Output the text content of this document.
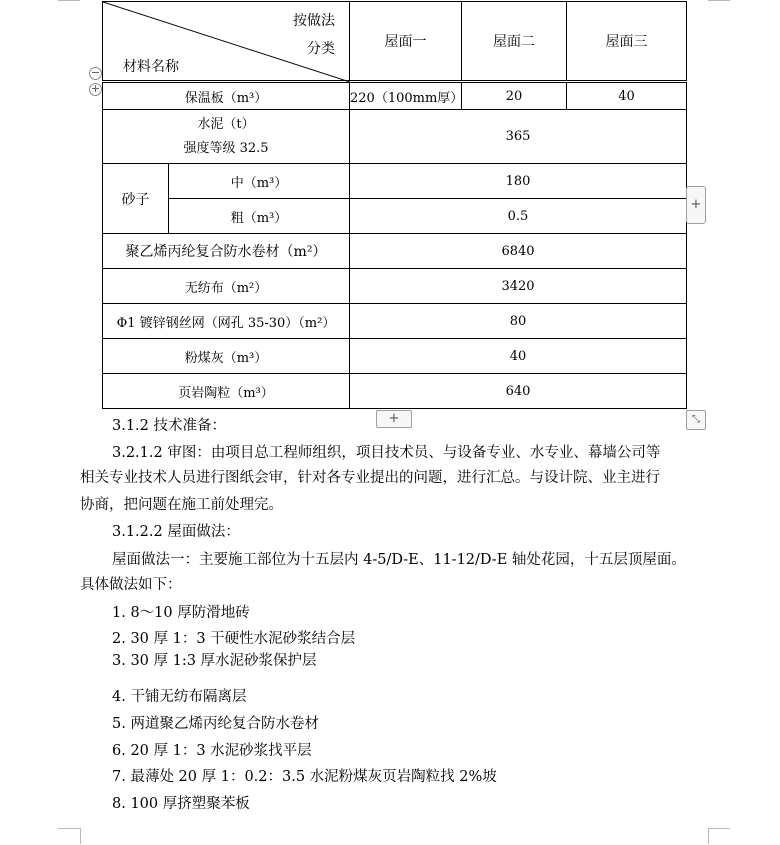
按做法
分类
材料名称		屋面一	屋面二	屋面三
保温板（m³）		220（100mm厚）	20	40

水泥（t）
强度等级 32.5		365		
砂子	中（m³）	180		
	粗（m³）	0.5		
聚乙烯丙纶复合防水卷材（m²）		6840		
无纺布（m²）		3420		
Φ1 镀锌钢丝网（网孔 35-30）（m²）		80		
粉煤灰（m³）		40		
页岩陶粒（m³）		640		
−
+
+
+	⤡
3.1.2 技术准备：
3.2.1.2 审图：由项目总工程师组织，项目技术员、与设备专业、水专业、幕墙公司等
相关专业技术人员进行图纸会审，针对各专业提出的问题，进行汇总。与设计院、业主进行
协商，把问题在施工前处理完。
3.1.2.2 屋面做法：
屋面做法一：主要施工部位为十五层内 4-5/D-E、11-12/D-E 轴处花园，十五层顶屋面。
具体做法如下：
1. 8～10 厚防滑地砖
2. 30 厚 1：3 干硬性水泥砂浆结合层
3. 30 厚 1:3 厚水泥砂浆保护层
4. 干铺无纺布隔离层
5. 两道聚乙烯丙纶复合防水卷材
6. 20 厚 1：3 水泥砂浆找平层
7. 最薄处 20 厚 1：0.2：3.5 水泥粉煤灰页岩陶粒找 2%坡
8. 100 厚挤塑聚苯板
